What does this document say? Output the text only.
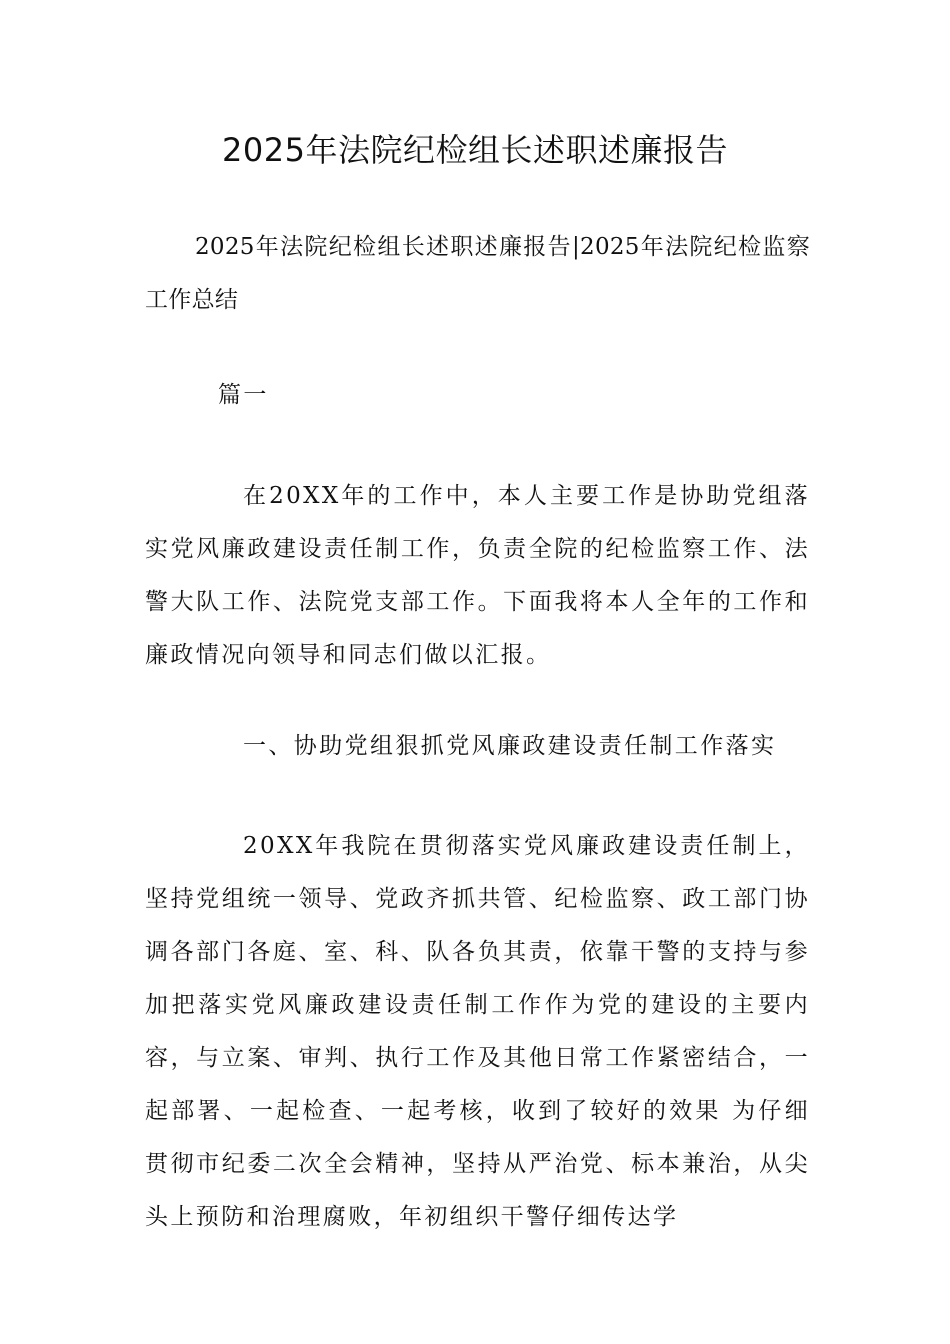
2025年法院纪检组长述职述廉报告

2025年法院纪检组长述职述廉报告|2025年法院纪检监察工作总结

篇一

在20XX年的工作中，本人主要工作是协助党组落实党风廉政建设责任制工作，负责全院的纪检监察工作、法警大队工作、法院党支部工作。下面我将本人全年的工作和廉政情况向领导和同志们做以汇报。

一、协助党组狠抓党风廉政建设责任制工作落实

20XX年我院在贯彻落实党风廉政建设责任制上，坚持党组统一领导、党政齐抓共管、纪检监察、政工部门协调各部门各庭、室、科、队各负其责，依靠干警的支持与参加把落实党风廉政建设责任制工作作为党的建设的主要内容，与立案、审判、执行工作及其他日常工作紧密结合，一起部署、一起检查、一起考核，收到了较好的效果 为仔细贯彻市纪委二次全会精神，坚持从严治党、标本兼治，从尖头上预防和治理腐败，年初组织干警仔细传达学
